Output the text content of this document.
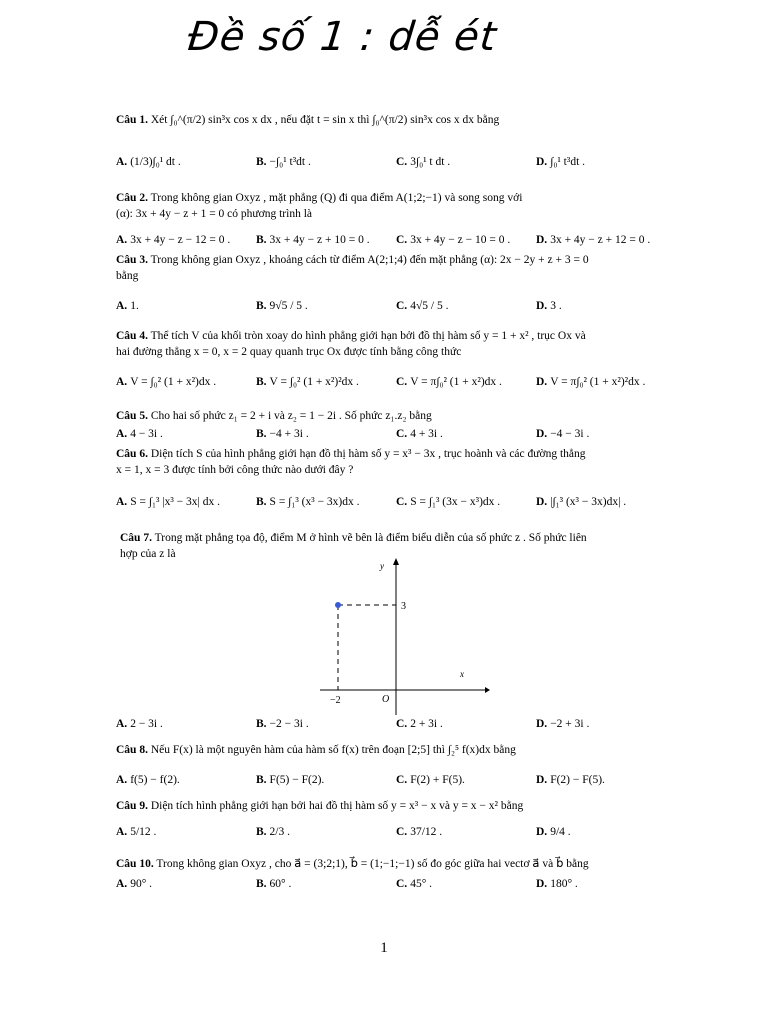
Đề số 1 : dễ ét
Câu 1. Xét ∫₀^(π/2) sin³x cos x dx , nếu đặt t = sin x thì ∫₀^(π/2) sin³x cos x dx bằng
A. (1/3)∫₀¹ dt .	B. −∫₀¹ t³dt .	C. 3∫₀¹ t dt .	D. ∫₀¹ t³dt .
Câu 2. Trong không gian Oxyz , mặt phẳng (Q) đi qua điểm A(1;2;−1) và song song với
(α): 3x + 4y − z + 1 = 0 có phương trình là
A. 3x + 4y − z − 12 = 0 . B. 3x + 4y − z + 10 = 0 . C. 3x + 4y − z − 10 = 0 . D. 3x + 4y − z + 12 = 0 .
Câu 3. Trong không gian Oxyz , khoảng cách từ điểm A(2;1;4) đến mặt phẳng (α): 2x − 2y + z + 3 = 0
bằng
A. 1.	B. 9√5 / 5 .	C. 4√5 / 5 .	D. 3 .
Câu 4. Thể tích V của khối tròn xoay do hình phẳng giới hạn bởi đồ thị hàm số y = 1 + x² , trục Ox và
hai đường thẳng x = 0, x = 2 quay quanh trục Ox được tính bằng công thức
A. V = ∫₀² (1 + x²)dx .	B. V = ∫₀² (1 + x²)²dx .	C. V = π∫₀² (1 + x²)dx .	D. V = π∫₀² (1 + x²)²dx .
Câu 5. Cho hai số phức z₁ = 2 + i và z₂ = 1 − 2i . Số phức z₁.z₂ bằng
A. 4 − 3i .	B. −4 + 3i .	C. 4 + 3i .	D. −4 − 3i .
Câu 6. Diện tích S của hình phẳng giới hạn đồ thị hàm số y = x³ − 3x , trục hoành và các đường thẳng
x = 1, x = 3 được tính bởi công thức nào dưới đây ?
A. S = ∫₁³ |x³ − 3x| dx .	B. S = ∫₁³ (x³ − 3x)dx .	C. S = ∫₁³ (3x − x³)dx .	D. |∫₁³ (x³ − 3x)dx| .
Câu 7. Trong mặt phẳng tọa độ, điểm M ở hình vẽ bên là điểm biểu diễn của số phức z . Số phức liên
hợp của z là
y
x
O
−2
3
A. 2 − 3i .	B. −2 − 3i .	C. 2 + 3i .	D. −2 + 3i .
Câu 8. Nếu F(x) là một nguyên hàm của hàm số f(x) trên đoạn [2;5] thì ∫₂⁵ f(x)dx bằng
A. f(5) − f(2).	B. F(5) − F(2).	C. F(2) + F(5).	D. F(2) − F(5).
Câu 9. Diện tích hình phẳng giới hạn bởi hai đồ thị hàm số y = x³ − x và y = x − x² bằng
A. 5/12 .	B. 2/3 .	C. 37/12 .	D. 9/4 .
Câu 10. Trong không gian Oxyz , cho a⃗ = (3;2;1), b⃗ = (1;−1;−1) số đo góc giữa hai vectơ a⃗ và b⃗ bằng
A. 90° .	B. 60° .	C. 45° .	D. 180° .
1
